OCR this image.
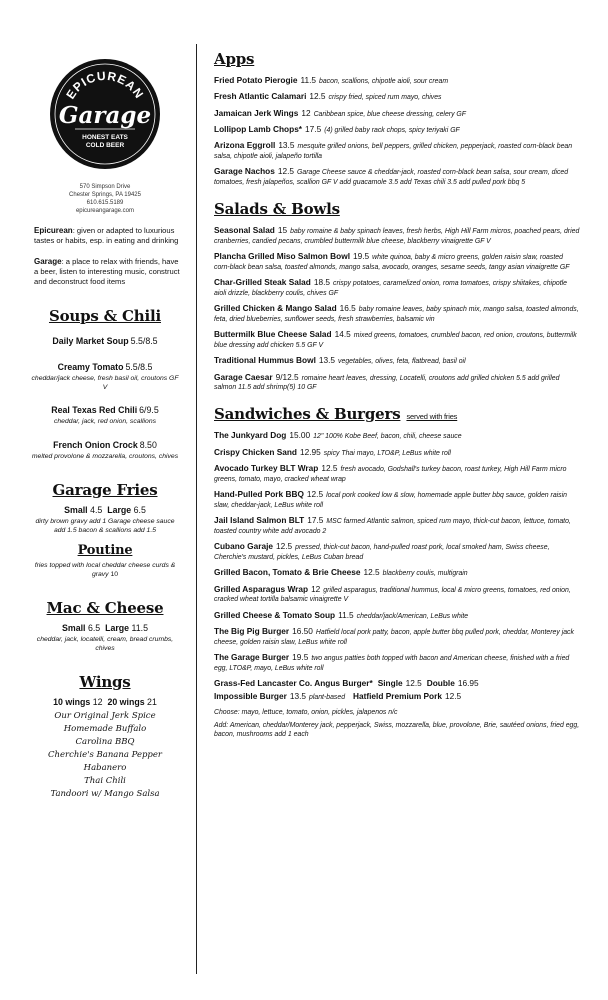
EPICUREAN
Garage
HONEST EATS
COLD BEER
570 Simpson Drive
Chester Springs, PA 19425
610.615.5189
epicureangarage.com
Epicurean: given or adapted to luxurious tastes or habits, esp. in eating and drinking
Garage: a place to relax with friends, have a beer, listen to interesting music, construct and deconstruct food items
Soups & Chili
Daily Market Soup 5.5/8.5
Creamy Tomato 5.5/8.5
cheddar/jack cheese, fresh basil oil, croutons GF V
Real Texas Red Chili 6/9.5
cheddar, jack, red onion, scallions
French Onion Crock 8.50
melted provolone & mozzarella, croutons, chives
Garage Fries
Small 4.5 Large 6.5
dirty brown gravy add 1 Garage cheese sauce add 1.5 bacon & scallions add 1.5
Poutine
fries topped with local cheddar cheese curds & gravy 10
Mac & Cheese
Small 6.5 Large 11.5
cheddar, jack, locatelli, cream, bread crumbs, chives
Wings
10 wings 12 20 wings 21
Our Original Jerk Spice
Homemade Buffalo
Carolina BBQ
Cherchie's Banana Pepper
Habanero
Thai Chili
Tandoori w/ Mango Salsa
Apps
Fried Potato Pierogie 11.5 bacon, scallions, chipotle aioli, sour cream
Fresh Atlantic Calamari 12.5 crispy fried, spiced rum mayo, chives
Jamaican Jerk Wings 12 Caribbean spice, blue cheese dressing, celery GF
Lollipop Lamb Chops* 17.5 (4) grilled baby rack chops, spicy teriyaki GF
Arizona Eggroll 13.5 mesquite grilled onions, bell peppers, grilled chicken, pepperjack, roasted corn-black bean salsa, chipotle aioli, jalapeño tortilla
Garage Nachos 12.5 Garage Cheese sauce & cheddar-jack, roasted corn-black bean salsa, sour cream, diced tomatoes, fresh jalapeños, scallion GF V add guacamole 3.5 add Texas chili 3.5 add pulled pork bbq 5
Salads & Bowls
Seasonal Salad 15 baby romaine & baby spinach leaves, fresh herbs, High Hill Farm micros, poached pears, dried cranberries, candied pecans, crumbled buttermilk blue cheese, blackberry vinaigrette GF V
Plancha Grilled Miso Salmon Bowl 19.5 white quinoa, baby & micro greens, golden raisin slaw, roasted corn-black bean salsa, toasted almonds, mango salsa, avocado, oranges, sesame seeds, tangy asian vinaigrette GF
Char-Grilled Steak Salad 18.5 crispy potatoes, caramelized onion, roma tomatoes, crispy shiitakes, chipotle aioli drizzle, blackberry coulis, chives GF
Grilled Chicken & Mango Salad 16.5 baby romaine leaves, baby spinach mix, mango salsa, toasted almonds, feta, dried blueberries, sunflower seeds, fresh strawberries, balsamic vin
Buttermilk Blue Cheese Salad 14.5 mixed greens, tomatoes, crumbled bacon, red onion, croutons, buttermilk blue dressing add chicken 5.5 GF V
Traditional Hummus Bowl 13.5 vegetables, olives, feta, flatbread, basil oil
Garage Caesar 9/12.5 romaine heart leaves, dressing, Locatelli, croutons add grilled chicken 5.5 add grilled salmon 11.5 add shrimp(5) 10 GF
Sandwiches & Burgers served with fries
The Junkyard Dog 15.00 12" 100% Kobe Beef, bacon, chili, cheese sauce
Crispy Chicken Sand 12.95 spicy Thai mayo, LTO&P, LeBus white roll
Avocado Turkey BLT Wrap 12.5 fresh avocado, Godshall's turkey bacon, roast turkey, High Hill Farm micro greens, tomato, mayo, cracked wheat wrap
Hand-Pulled Pork BBQ 12.5 local pork cooked low & slow, homemade apple butter bbq sauce, golden raisin slaw, cheddar-jack, LeBus white roll
Jail Island Salmon BLT 17.5 MSC farmed Atlantic salmon, spiced rum mayo, thick-cut bacon, lettuce, tomato, toasted country white add avocado 2
Cubano Garaje 12.5 pressed, thick-cut bacon, hand-pulled roast pork, local smoked ham, Swiss cheese, Cherchie's mustard, pickles, LeBus Cuban bread
Grilled Bacon, Tomato & Brie Cheese 12.5 blackberry coulis, multigrain
Grilled Asparagus Wrap 12 grilled asparagus, traditional hummus, local & micro greens, tomatoes, red onion, cracked wheat tortilla balsamic vinaigrette V
Grilled Cheese & Tomato Soup 11.5 cheddar/jack/American, LeBus white
The Big Pig Burger 16.50 Hatfield local pork patty, bacon, apple butter bbq pulled pork, cheddar, Monterey jack cheese, golden raisin slaw, LeBus white roll
The Garage Burger 19.5 two angus patties both topped with bacon and American cheese, finished with a fried egg, LTO&P, mayo, LeBus white roll
Grass-Fed Lancaster Co. Angus Burger* Single 12.5 Double 16.95
Impossible Burger 13.5 plant-based Hatfield Premium Pork 12.5
Choose: mayo, lettuce, tomato, onion, pickles, jalapenos n/c
Add: American, cheddar/Monterey jack, pepperjack, Swiss, mozzarella, blue, provolone, Brie, sautéed onions, fried egg, bacon, mushrooms add 1 each
